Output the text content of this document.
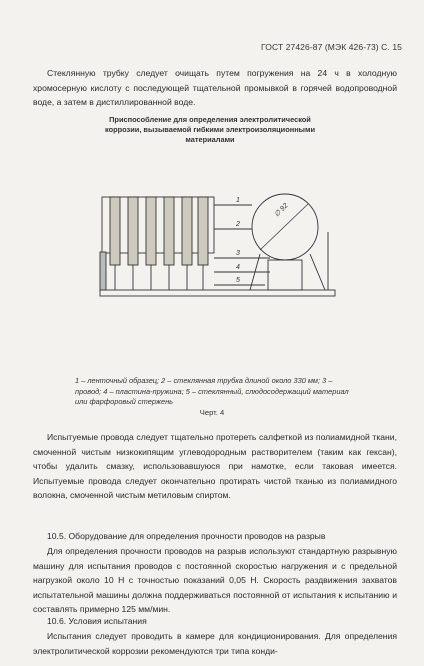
ГОСТ 27426-87 (МЭК 426-73) С. 15
Стеклянную трубку следует очищать путем погружения на 24 ч в холодную хромосерную кислоту с последующей тщательной промывкой в горячей водопроводной воде, а затем в дистиллированной воде.
Приспособление для определения электролитической коррозии, вызываемой гибкими электроизоляционными материалами
1
2
3
4
5
∅ 92
1 – ленточный образец; 2 – стеклянная трубка длиной около 330 мм; 3 – провод; 4 – пластина-пружина; 5 – стеклянный, слюдосодержащий материал или фарфоровый стержень
Черт. 4
Испытуемые провода следует тщательно протереть салфеткой из полиамидной ткани, смоченной чистым низкокипящим углеводородным растворителем (таким как гексан), чтобы удалить смазку, использовавшуюся при намотке, если таковая имеется. Испытуемые провода следует окончательно протирать чистой тканью из полиамидного волокна, смоченной чистым метиловым спиртом.
10.5. Оборудование для определения прочности проводов на разрыв
Для определения прочности проводов на разрыв используют стандартную разрывную машину для испытания проводов с постоянной скоростью нагружения и с предельной нагрузкой около 10 Н с точностью показаний 0,05 Н. Скорость раздвижения захватов испытательной машины должна поддерживаться постоянной от испытания к испытанию и составлять примерно 125 мм/мин.
10.6. Условия испытания
Испытания следует проводить в камере для кондиционирования. Для определения электролитической коррозии рекомендуются три типа конди-
